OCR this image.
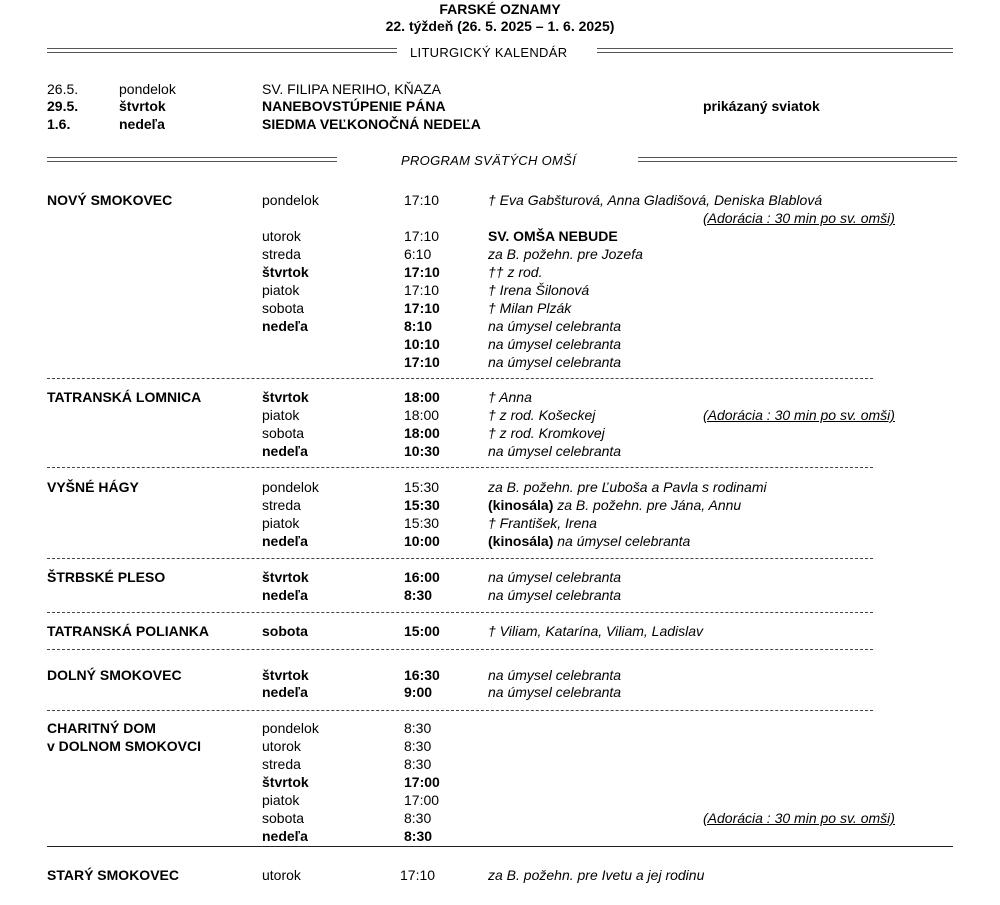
FARSKÉ OZNAMY
22. týždeň (26. 5. 2025 – 1. 6. 2025)
LITURGICKÝ KALENDÁR
26.5.	pondelok	SV. FILIPA NERIHO, KŇAZA
29.5.	štvrtok	NANEBOVSTÚPENIE PÁNA	prikázaný sviatok
1.6.	nedeľa	SIEDMA VEĽKONOČNÁ NEDEĽA
PROGRAM SVÄTÝCH OMŠÍ
NOVÝ SMOKOVEC	pondelok	17:10	† Eva Gabšturová, Anna Gladišová, Deniska Blablová
(Adorácia : 30 min po sv. omši)
utorok	17:10	SV. OMŠA NEBUDE
streda	6:10	za B. požehn. pre Jozefa
štvrtok	17:10	†† z rod.
piatok	17:10	† Irena Šilonová
sobota	17:10	† Milan Plzák
nedeľa	8:10	na úmysel celebranta
10:10	na úmysel celebranta
17:10	na úmysel celebranta
TATRANSKÁ LOMNICA	štvrtok	18:00	† Anna
piatok	18:00	† z rod. Košeckej	(Adorácia : 30 min po sv. omši)
sobota	18:00	† z rod. Kromkovej
nedeľa	10:30	na úmysel celebranta
VYŠNÉ HÁGY	pondelok	15:30	za B. požehn. pre Ľuboša a Pavla s rodinami
streda	15:30	(kinosála) za B. požehn. pre Jána, Annu
piatok	15:30	† František, Irena
nedeľa	10:00	(kinosála) na úmysel celebranta
ŠTRBSKÉ PLESO	štvrtok	16:00	na úmysel celebranta
nedeľa	8:30	na úmysel celebranta
TATRANSKÁ POLIANKA	sobota	15:00	† Viliam, Katarína, Viliam, Ladislav
DOLNÝ SMOKOVEC	štvrtok	16:30	na úmysel celebranta
nedeľa	9:00	na úmysel celebranta
CHARITNÝ DOM
v DOLNOM SMOKOVCI
pondelok	8:30
utorok	8:30
streda	8:30
štvrtok	17:00
piatok	17:00
sobota	8:30	(Adorácia : 30 min po sv. omši)
nedeľa	8:30
STARÝ SMOKOVEC	utorok	17:10	za B. požehn. pre Ivetu a jej rodinu
